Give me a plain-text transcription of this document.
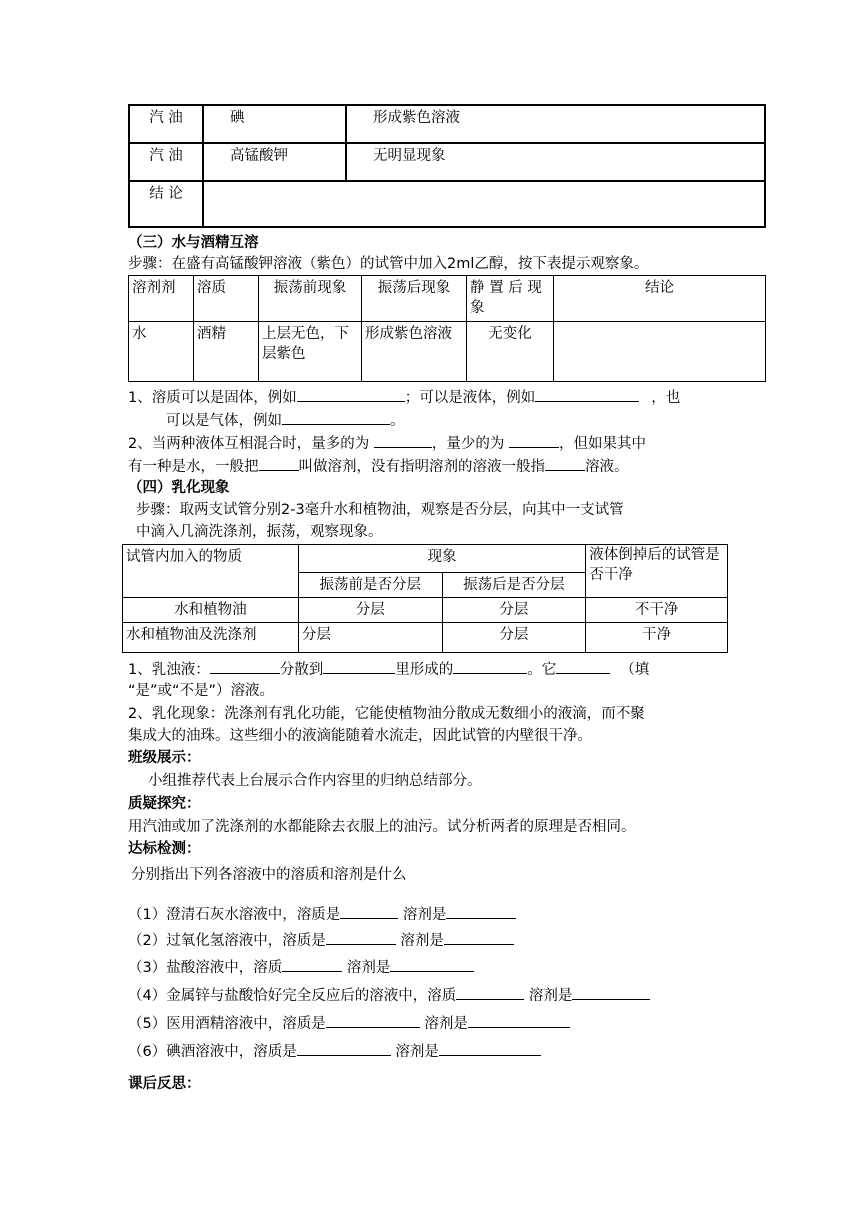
汽 油	碘	形成紫色溶液
汽 油	高锰酸钾	无明显现象
结 论		
（三）水与酒精互溶
步骤：在盛有高锰酸钾溶液（紫色）的试管中加入2ml乙醇，按下表提示观察象。
溶剂剂	溶质	振荡前现象	振荡后现象	静 置 后 现 象	结论
水	酒精	上层无色，下层紫色	形成紫色溶液	无变化	
1、溶质可以是固体，例如	；可以是液体，例如	，也
可以是气体，例如	。
2、当两种液体互相混合时，量多的为	，量少的为	，但如果其中
有一种是水，一般把	叫做溶剂，没有指明溶剂的溶液一般指	溶液。
（四）乳化现象
步骤：取两支试管分别2-3毫升水和植物油，观察是否分层，向其中一支试管
中滴入几滴洗涤剂，振荡，观察现象。
试管内加入的物质	现象		液体倒掉后的试管是否干净
	振荡前是否分层	振荡后是否分层	
水和植物油	分层	分层	不干净
水和植物油及洗涤剂	分层	分层	干净
1、乳浊液：	分散到	里形成的	。它	（填
“是”或“不是”）溶液。
2、乳化现象：洗涤剂有乳化功能，它能使植物油分散成无数细小的液滴，而不聚
集成大的油珠。这些细小的液滴能随着水流走，因此试管的内壁很干净。
班级展示：
小组推荐代表上台展示合作内容里的归纳总结部分。
质疑探究：
用汽油或加了洗涤剂的水都能除去衣服上的油污。试分析两者的原理是否相同。
达标检测：
分别指出下列各溶液中的溶质和溶剂是什么
（1）澄清石灰水溶液中，溶质是	溶剂是
（2）过氧化氢溶液中，溶质是	溶剂是
（3）盐酸溶液中，溶质	溶剂是
（4）金属锌与盐酸恰好完全反应后的溶液中，溶质	溶剂是
（5）医用酒精溶液中，溶质是	溶剂是
（6）碘酒溶液中，溶质是	溶剂是
课后反思：
